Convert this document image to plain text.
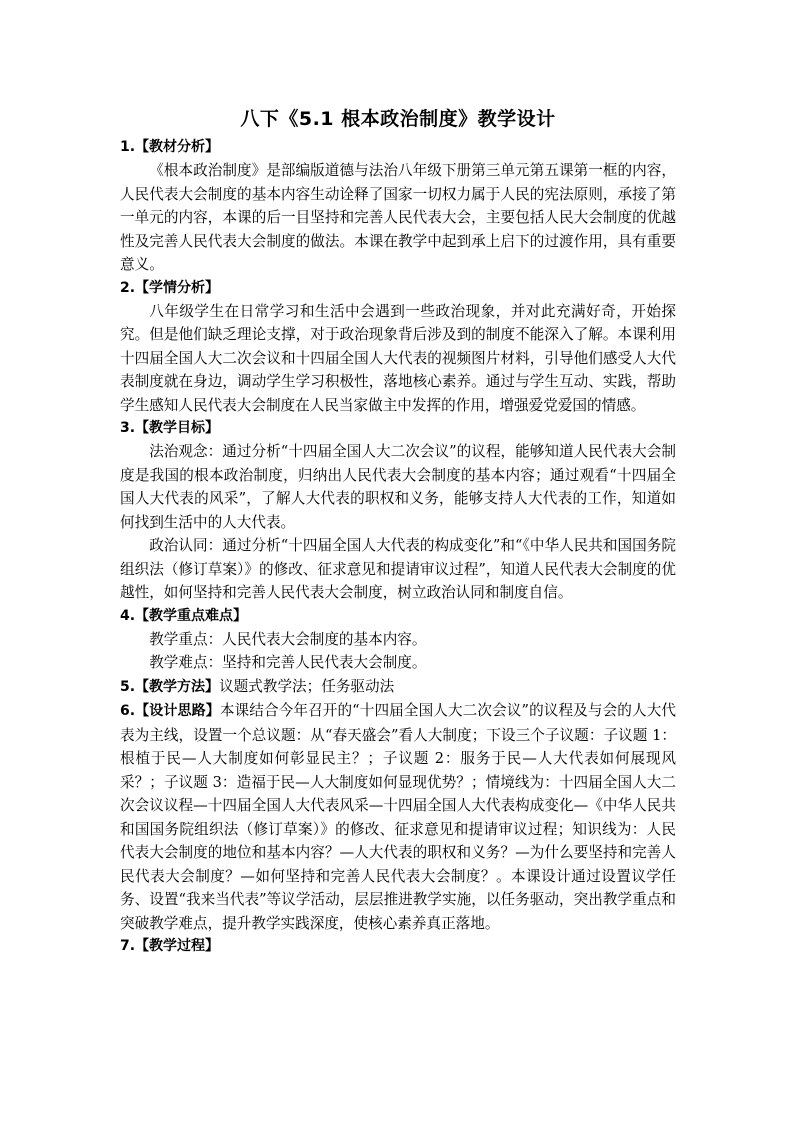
八下《5.1 根本政治制度》教学设计

1.【教材分析】

《根本政治制度》是部编版道德与法治八年级下册第三单元第五课第一框的内容，人民代表大会制度的基本内容生动诠释了国家一切权力属于人民的宪法原则，承接了第一单元的内容，本课的后一目坚持和完善人民代表大会，主要包括人民大会制度的优越性及完善人民代表大会制度的做法。本课在教学中起到承上启下的过渡作用，具有重要意义。

2.【学情分析】

八年级学生在日常学习和生活中会遇到一些政治现象，并对此充满好奇，开始探究。但是他们缺乏理论支撑，对于政治现象背后涉及到的制度不能深入了解。本课利用十四届全国人大二次会议和十四届全国人大代表的视频图片材料，引导他们感受人大代表制度就在身边，调动学生学习积极性，落地核心素养。通过与学生互动、实践，帮助学生感知人民代表大会制度在人民当家做主中发挥的作用，增强爱党爱国的情感。

3.【教学目标】

法治观念：通过分析“十四届全国人大二次会议”的议程，能够知道人民代表大会制度是我国的根本政治制度，归纳出人民代表大会制度的基本内容；通过观看“十四届全国人大代表的风采”，了解人大代表的职权和义务，能够支持人大代表的工作，知道如何找到生活中的人大代表。

政治认同：通过分析“十四届全国人大代表的构成变化”和“《中华人民共和国国务院组织法（修订草案）》的修改、征求意见和提请审议过程”，知道人民代表大会制度的优越性，如何坚持和完善人民代表大会制度，树立政治认同和制度自信。

4.【教学重点难点】

教学重点：人民代表大会制度的基本内容。

教学难点：坚持和完善人民代表大会制度。

5.【教学方法】议题式教学法；任务驱动法

6.【设计思路】本课结合今年召开的“十四届全国人大二次会议”的议程及与会的人大代表为主线，设置一个总议题：从“春天盛会”看人大制度；下设三个子议题：子议题 1：根植于民—人大制度如何彰显民主？；子议题 2：服务于民—人大代表如何展现风采？；子议题 3：造福于民—人大制度如何显现优势？；情境线为：十四届全国人大二次会议议程—十四届全国人大代表风采—十四届全国人大代表构成变化—《中华人民共和国国务院组织法（修订草案）》的修改、征求意见和提请审议过程；知识线为：人民代表大会制度的地位和基本内容？—人大代表的职权和义务？—为什么要坚持和完善人民代表大会制度？—如何坚持和完善人民代表大会制度？。本课设计通过设置议学任务、设置“我来当代表”等议学活动，层层推进教学实施，以任务驱动，突出教学重点和突破教学难点，提升教学实践深度，使核心素养真正落地。

7.【教学过程】
